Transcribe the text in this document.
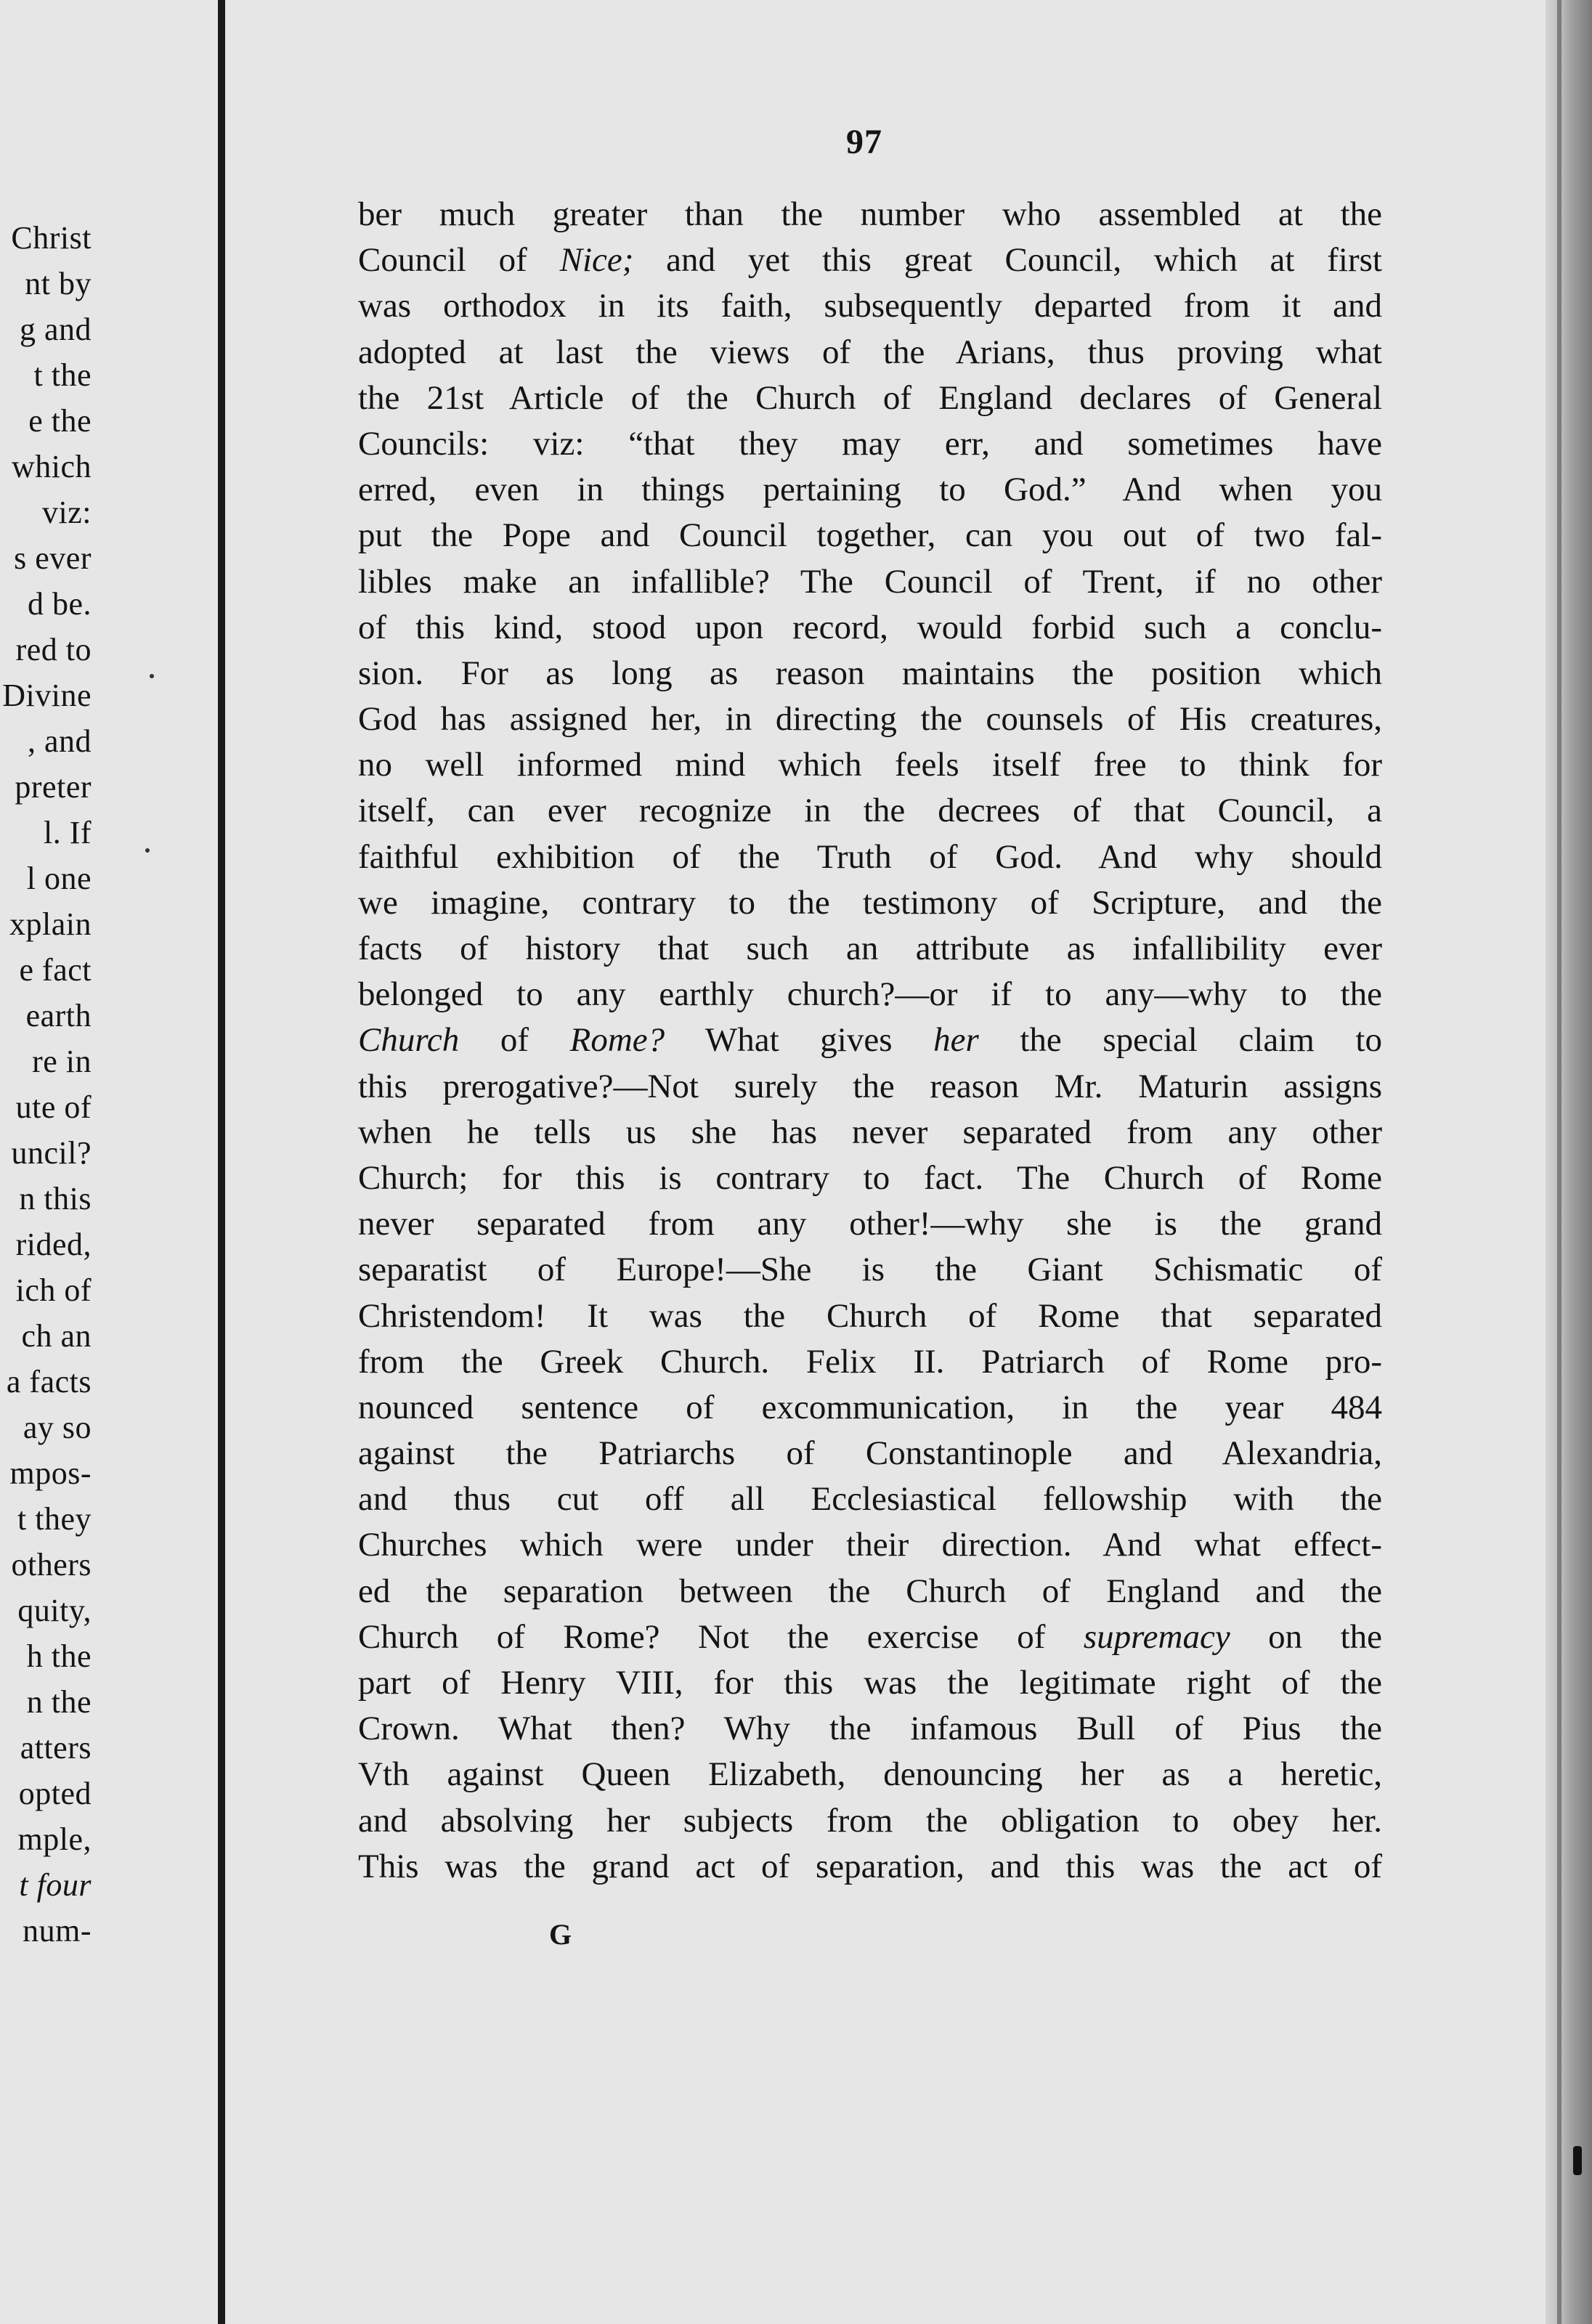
Christ
nt by
g and
t the
e the
which
viz:
s ever
d be.
red to
Divine
, and
preter
l. If
l one
xplain
e fact
earth
re in
ute of
uncil?
n this
rided,
ich of
ch an
a facts
ay so
mpos-
t they
others
quity,
h the
n the
atters
opted
mple,
t four
num-
97
ber much greater than the number who assembled at the
Council of Nice; and yet this great Council, which at first
was orthodox in its faith, subsequently departed from it and
adopted at last the views of the Arians, thus proving what
the 21st Article of the Church of England declares of General
Councils: viz: “that they may err, and sometimes have
erred, even in things pertaining to God.” And when you
put the Pope and Council together, can you out of two fal-
libles make an infallible? The Council of Trent, if no other
of this kind, stood upon record, would forbid such a conclu-
sion. For as long as reason maintains the position which
God has assigned her, in directing the counsels of His creatures,
no well informed mind which feels itself free to think for
itself, can ever recognize in the decrees of that Council, a
faithful exhibition of the Truth of God. And why should
we imagine, contrary to the testimony of Scripture, and the
facts of history that such an attribute as infallibility ever
belonged to any earthly church?—or if to any—why to the
Church of Rome? What gives her the special claim to
this prerogative?—Not surely the reason Mr. Maturin assigns
when he tells us she has never separated from any other
Church; for this is contrary to fact. The Church of Rome
never separated from any other!—why she is the grand
separatist of Europe!—She is the Giant Schismatic of
Christendom! It was the Church of Rome that separated
from the Greek Church. Felix II. Patriarch of Rome pro-
nounced sentence of excommunication, in the year 484
against the Patriarchs of Constantinople and Alexandria,
and thus cut off all Ecclesiastical fellowship with the
Churches which were under their direction. And what effect-
ed the separation between the Church of England and the
Church of Rome? Not the exercise of supremacy on the
part of Henry VIII, for this was the legitimate right of the
Crown. What then? Why the infamous Bull of Pius the
Vth against Queen Elizabeth, denouncing her as a heretic,
and absolving her subjects from the obligation to obey her.
This was the grand act of separation, and this was the act of
G
